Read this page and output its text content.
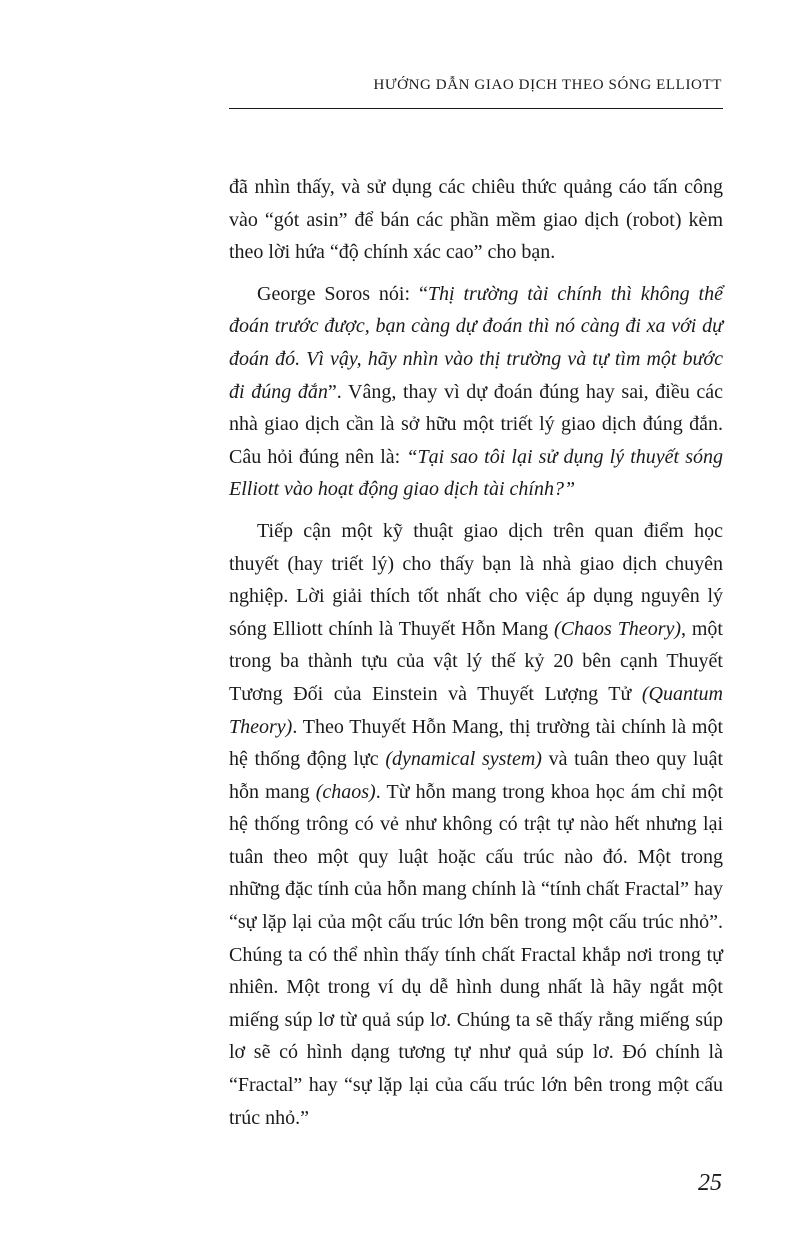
HƯỚNG DẪN GIAO DỊCH THEO SÓNG ELLIOTT

đã nhìn thấy, và sử dụng các chiêu thức quảng cáo tấn công vào “gót asin” để bán các phần mềm giao dịch (robot) kèm theo lời hứa “độ chính xác cao” cho bạn.

George Soros nói: “Thị trường tài chính thì không thể đoán trước được, bạn càng dự đoán thì nó càng đi xa với dự đoán đó. Vì vậy, hãy nhìn vào thị trường và tự tìm một bước đi đúng đắn”. Vâng, thay vì dự đoán đúng hay sai, điều các nhà giao dịch cần là sở hữu một triết lý giao dịch đúng đắn. Câu hỏi đúng nên là: “Tại sao tôi lại sử dụng lý thuyết sóng Elliott vào hoạt động giao dịch tài chính?”

Tiếp cận một kỹ thuật giao dịch trên quan điểm học thuyết (hay triết lý) cho thấy bạn là nhà giao dịch chuyên nghiệp. Lời giải thích tốt nhất cho việc áp dụng nguyên lý sóng Elliott chính là Thuyết Hỗn Mang (Chaos Theory), một trong ba thành tựu của vật lý thế kỷ 20 bên cạnh Thuyết Tương Đối của Einstein và Thuyết Lượng Tử (Quantum Theory). Theo Thuyết Hỗn Mang, thị trường tài chính là một hệ thống động lực (dynamical system) và tuân theo quy luật hỗn mang (chaos). Từ hỗn mang trong khoa học ám chỉ một hệ thống trông có vẻ như không có trật tự nào hết nhưng lại tuân theo một quy luật hoặc cấu trúc nào đó. Một trong những đặc tính của hỗn mang chính là “tính chất Fractal” hay “sự lặp lại của một cấu trúc lớn bên trong một cấu trúc nhỏ”. Chúng ta có thể nhìn thấy tính chất Fractal khắp nơi trong tự nhiên. Một trong ví dụ dễ hình dung nhất là hãy ngắt một miếng súp lơ từ quả súp lơ. Chúng ta sẽ thấy rằng miếng súp lơ sẽ có hình dạng tương tự như quả súp lơ. Đó chính là “Fractal” hay “sự lặp lại của cấu trúc lớn bên trong một cấu trúc nhỏ.”

25
